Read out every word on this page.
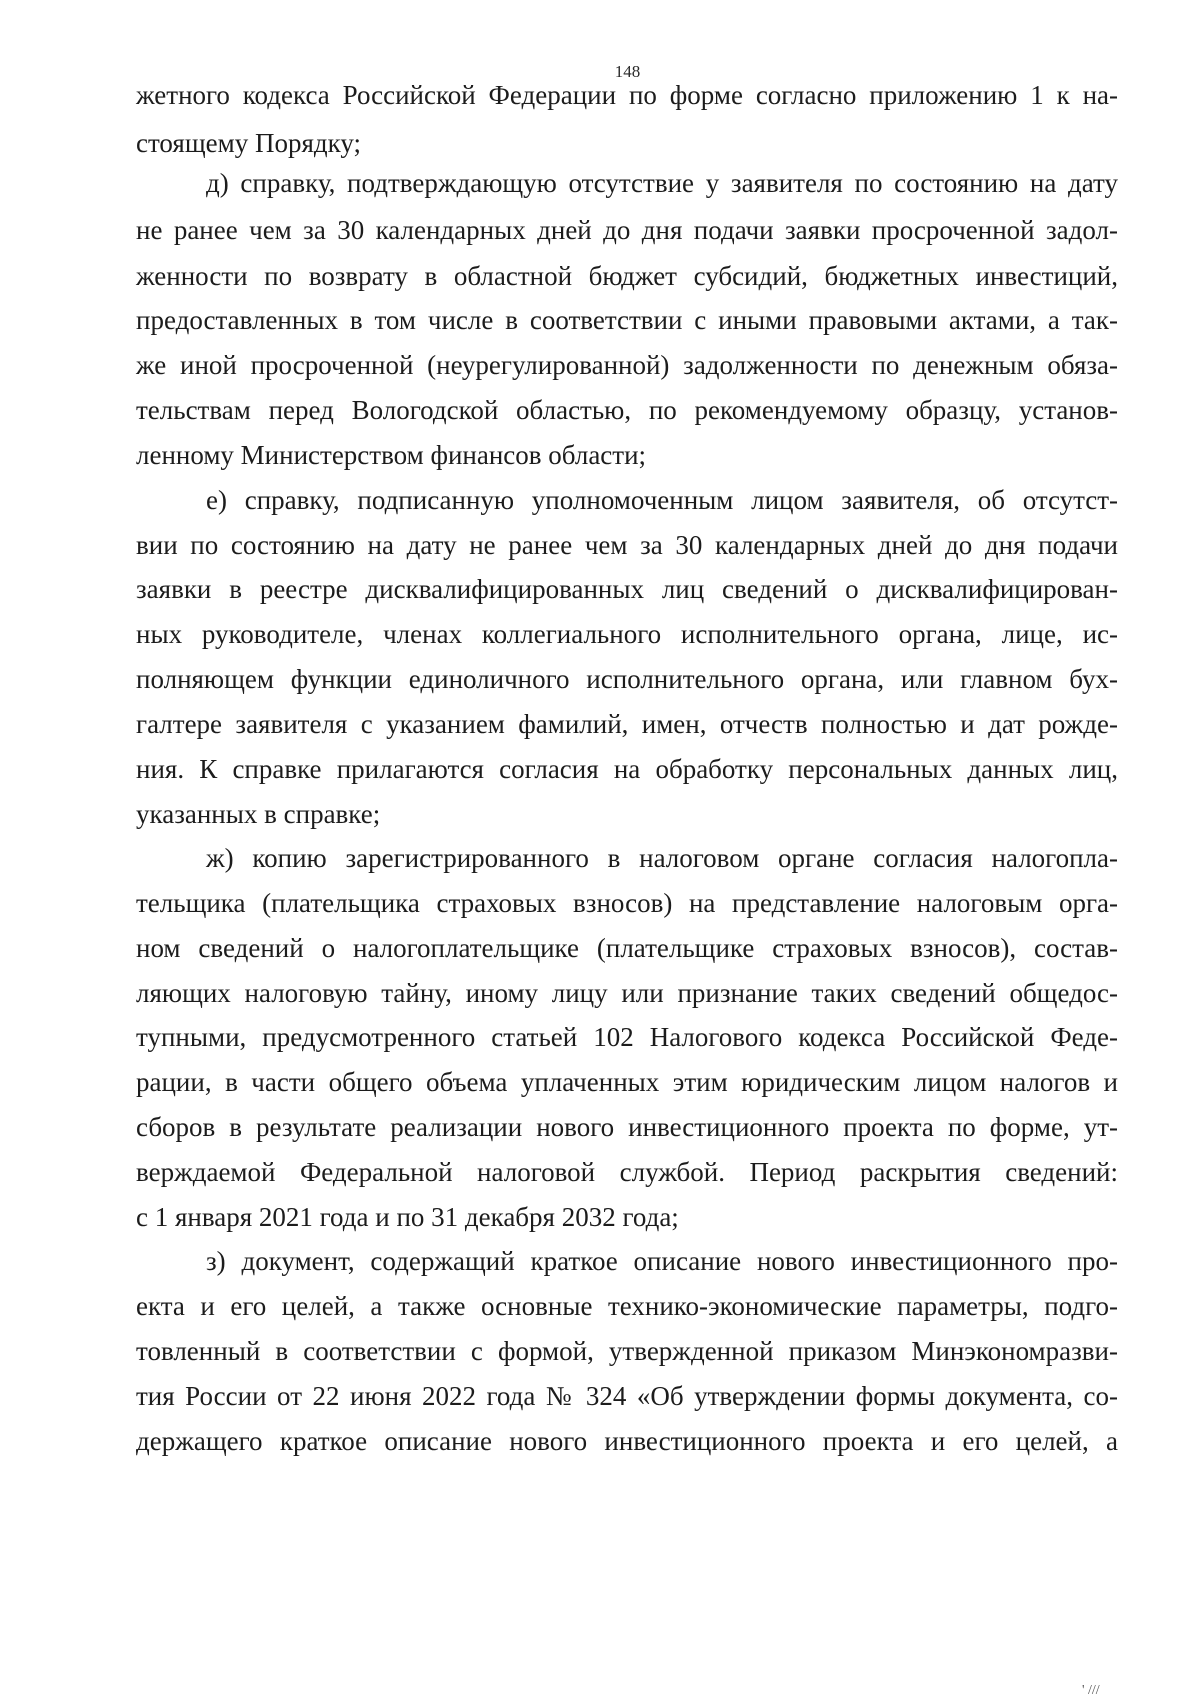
148
жетного кодекса Российской Федерации по форме согласно приложению 1 к на-
стоящему Порядку;
д) справку, подтверждающую отсутствие у заявителя по состоянию на дату
не ранее чем за 30 календарных дней до дня подачи заявки просроченной задол-
женности по возврату в областной бюджет субсидий, бюджетных инвестиций,
предоставленных в том числе в соответствии с иными правовыми актами, а так-
же иной просроченной (неурегулированной) задолженности по денежным обяза-
тельствам перед Вологодской областью, по рекомендуемому образцу, установ-
ленному Министерством финансов области;
е) справку, подписанную уполномоченным лицом заявителя, об отсутст-
вии по состоянию на дату не ранее чем за 30 календарных дней до дня подачи
заявки в реестре дисквалифицированных лиц сведений о дисквалифицирован-
ных руководителе, членах коллегиального исполнительного органа, лице, ис-
полняющем функции единоличного исполнительного органа, или главном бух-
галтере заявителя с указанием фамилий, имен, отчеств полностью и дат рожде-
ния. К справке прилагаются согласия на обработку персональных данных лиц,
указанных в справке;
ж) копию зарегистрированного в налоговом органе согласия налогопла-
тельщика (плательщика страховых взносов) на представление налоговым орга-
ном сведений о налогоплательщике (плательщике страховых взносов), состав-
ляющих налоговую тайну, иному лицу или признание таких сведений общедос-
тупными, предусмотренного статьей 102 Налогового кодекса Российской Феде-
рации, в части общего объема уплаченных этим юридическим лицом налогов и
сборов в результате реализации нового инвестиционного проекта по форме, ут-
верждаемой Федеральной налоговой службой. Период раскрытия сведений:
с 1 января 2021 года и по 31 декабря 2032 года;
з) документ, содержащий краткое описание нового инвестиционного про-
екта и его целей, а также основные технико-экономические параметры, подго-
товленный в соответствии с формой, утвержденной приказом Минэкономразви-
тия России от 22 июня 2022 года № 324 «Об утверждении формы документа, со-
держащего краткое описание нового инвестиционного проекта и его целей, а
' ///
